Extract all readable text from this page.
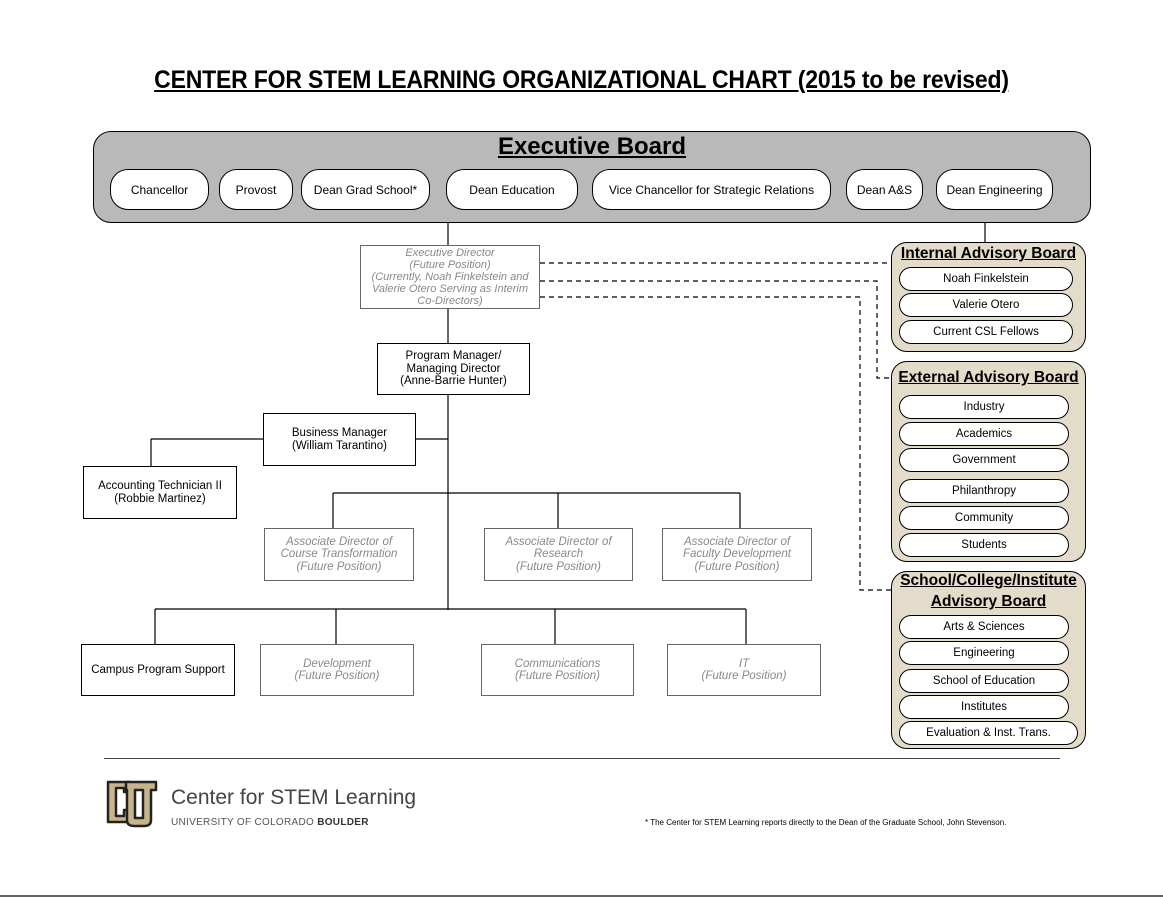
CENTER FOR STEM LEARNING ORGANIZATIONAL CHART (2015 to be revised)
Executive Board
Chancellor	Provost	Dean Grad School*	Dean Education	Vice Chancellor for Strategic Relations	Dean A&S	Dean Engineering
Executive Director
(Future Position)
(Currently, Noah Finkelstein and
Valerie Otero Serving as Interim
Co-Directors)
Program Manager/
Managing Director
(Anne-Barrie Hunter)
Business Manager
(William Tarantino)
Accounting Technician II
(Robbie Martinez)
Associate Director of
Course Transformation
(Future Position)
Associate Director of
Research
(Future Position)
Associate Director of
Faculty Development
(Future Position)
Campus Program Support
Development
(Future Position)
Communications
(Future Position)
IT
(Future Position)
Internal Advisory Board
Noah Finkelstein
Valerie Otero
Current CSL Fellows
External Advisory Board
Industry
Academics
Government
Philanthropy
Community
Students
School/College/Institute
Advisory Board
Arts & Sciences
Engineering
School of Education
Institutes
Evaluation & Inst. Trans.
Center for STEM Learning
UNIVERSITY OF COLORADO BOULDER	* The Center for STEM Learning reports directly to the Dean of the Graduate School, John Stevenson.
